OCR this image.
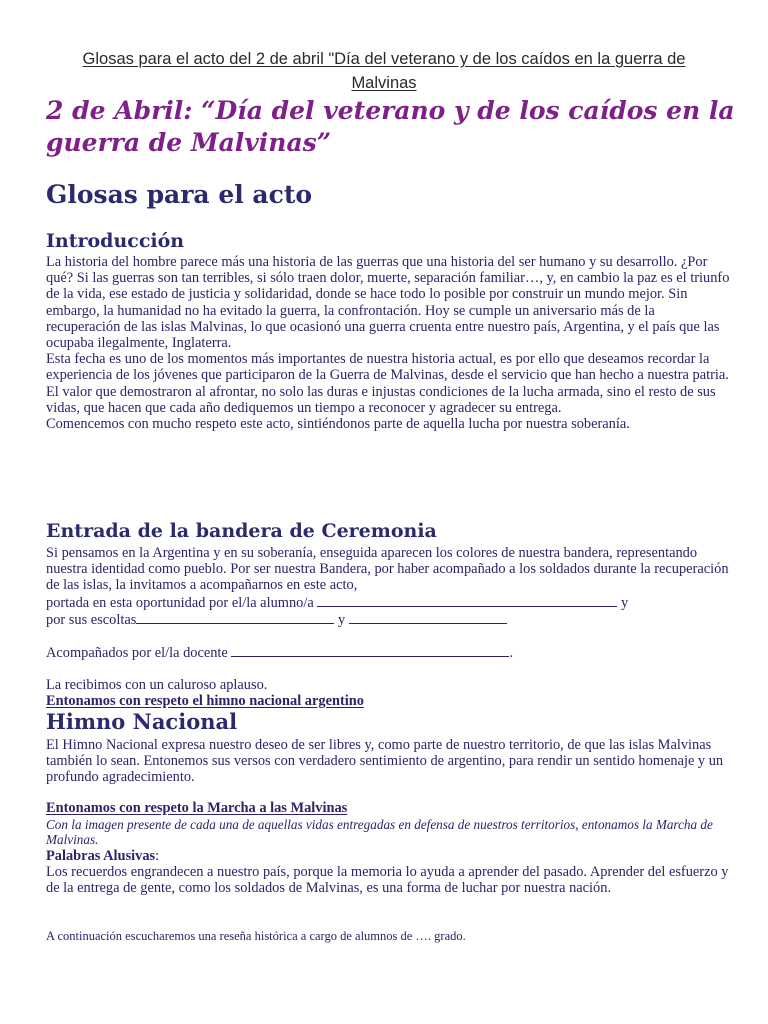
Glosas para el acto del 2 de abril "Día del veterano y de los caídos en la guerra de Malvinas
2 de Abril: “Día del veterano y de los caídos en la guerra de Malvinas”
Glosas para el acto
Introducción

La historia del hombre parece más una historia de las guerras que una historia del ser humano y su desarrollo. ¿Por qué? Si las guerras son tan terribles, si sólo traen dolor, muerte, separación familiar…, y, en cambio la paz es el triunfo de la vida, ese estado de justicia y solidaridad, donde se hace todo lo posible por construir un mundo mejor. Sin embargo, la humanidad no ha evitado la guerra, la confrontación. Hoy se cumple un aniversario más de la recuperación de las islas Malvinas, lo que ocasionó una guerra cruenta entre nuestro país, Argentina, y el país que las ocupaba ilegalmente, Inglaterra.

Esta fecha es uno de los momentos más importantes de nuestra historia actual, es por ello que deseamos recordar la experiencia de los jóvenes que participaron de la Guerra de Malvinas, desde el servicio que han hecho a nuestra patria.

El valor que demostraron al afrontar, no solo las duras e injustas condiciones de la lucha armada, sino el resto de sus vidas, que hacen que cada año dediquemos un tiempo a reconocer y agradecer su entrega.

Comencemos con mucho respeto este acto, sintiéndonos parte de aquella lucha por nuestra soberanía.

Entrada de la bandera de Ceremonia

Si pensamos en la Argentina y en su soberanía, enseguida aparecen los colores de nuestra bandera, representando nuestra identidad como pueblo. Por ser nuestra Bandera, por haber acompañado a los soldados durante la recuperación de las islas, la invitamos a acompañarnos en este acto,

portada en esta oportunidad por el/la alumno/a	y

por sus escoltas	y

Acompañados por el/la docente	.
La recibimos con un caluroso aplauso.
Entonamos con respeto el himno nacional argentino
Himno Nacional
El Himno Nacional expresa nuestro deseo de ser libres y, como parte de nuestro territorio, de que las islas Malvinas también lo sean. Entonemos sus versos con verdadero sentimiento de argentino, para rendir un sentido homenaje y un profundo agradecimiento.
Entonamos con respeto la Marcha a las Malvinas

Con la imagen presente de cada una de aquellas vidas entregadas en defensa de nuestros territorios, entonamos la Marcha de Malvinas.

Palabras Alusivas:
Los recuerdos engrandecen a nuestro país, porque la memoria lo ayuda a aprender del pasado. Aprender del esfuerzo y de la entrega de gente, como los soldados de Malvinas, es una forma de luchar por nuestra nación.
A continuación escucharemos una reseña histórica a cargo de alumnos de …. grado.
